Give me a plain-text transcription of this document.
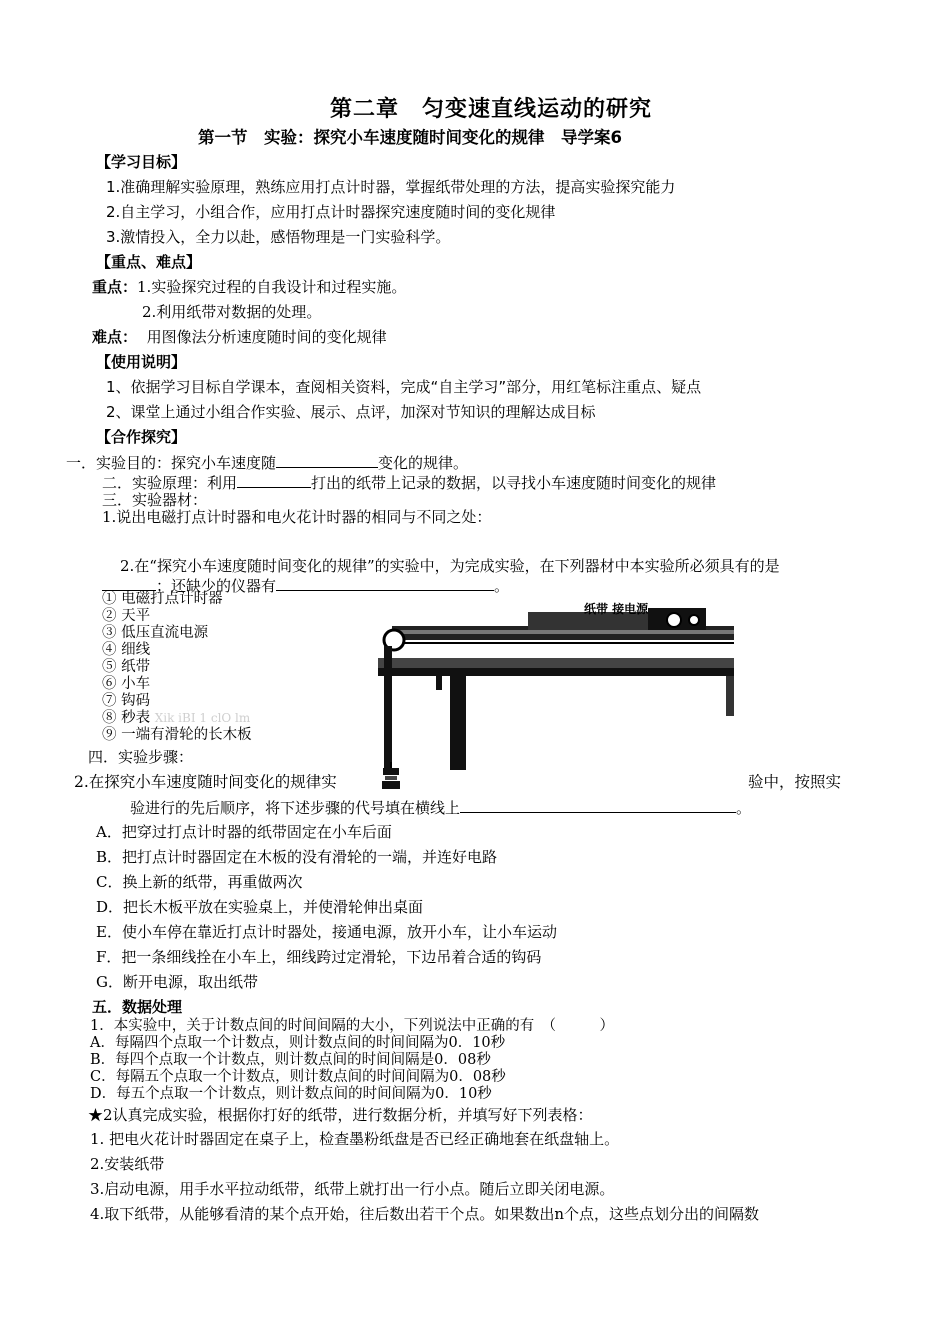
第二章　匀变速直线运动的研究
第一节　实验：探究小车速度随时间变化的规律　导学案6
【学习目标】
1.准确理解实验原理，熟练应用打点计时器，掌握纸带处理的方法，提高实验探究能力
2.自主学习，小组合作，应用打点计时器探究速度随时间的变化规律
3.激情投入，全力以赴，感悟物理是一门实验科学。
【重点、难点】
重点：1.实验探究过程的自我设计和过程实施。
2.利用纸带对数据的处理。
难点： 用图像法分析速度随时间的变化规律
【使用说明】
1、依据学习目标自学课本，查阅相关资料，完成“自主学习”部分，用红笔标注重点、疑点
2、课堂上通过小组合作实验、展示、点评，加深对节知识的理解达成目标
【合作探究】
一．实验目的：探究小车速度随	变化的规律。
二．实验原理：利用	打出的纸带上记录的数据，以寻找小车速度随时间变化的规律
三．实验器材：
1.说出电磁打点计时器和电火花计时器的相同与不同之处：
2.在“探究小车速度随时间变化的规律”的实验中，为完成实验，在下列器材中本实验所必须具有的是
；还缺少的仪器有	。
① 电磁打点计时器
② 天平
③ 低压直流电源
④ 细线
⑤ 纸带
⑥ 小车
⑦ 钩码
⑧ 秒表 Xik iBI 1 clO lm
⑨ 一端有滑轮的长木板
纸带 接电源
四．实验步骤：
2.在探究小车速度随时间变化的规律实	验中，按照实
验进行的先后顺序，将下述步骤的代号填在横线上	。
A．把穿过打点计时器的纸带固定在小车后面
B．把打点计时器固定在木板的没有滑轮的一端，并连好电路
C．换上新的纸带，再重做两次
D．把长木板平放在实验桌上，并使滑轮伸出桌面
E．使小车停在靠近打点计时器处，接通电源，放开小车，让小车运动
F．把一条细线拴在小车上，细线跨过定滑轮，下边吊着合适的钩码
G．断开电源，取出纸带
五．数据处理
1．本实验中，关于计数点间的时间间隔的大小，下列说法中正确的有　（　　　）
A．每隔四个点取一个计数点，则计数点间的时间间隔为0．10秒
B．每四个点取一个计数点，则计数点间的时间间隔是0．08秒
C．每隔五个点取一个计数点，则计数点间的时间间隔为0．08秒
D．每五个点取一个计数点，则计数点间的时间间隔为0．10秒
★2认真完成实验，根据你打好的纸带，进行数据分析，并填写好下列表格：
1. 把电火花计时器固定在桌子上，检查墨粉纸盘是否已经正确地套在纸盘轴上。
2.安装纸带
3.启动电源，用手水平拉动纸带，纸带上就打出一行小点。随后立即关闭电源。
4.取下纸带，从能够看清的某个点开始，往后数出若干个点。如果数出n个点，这些点划分出的间隔数
